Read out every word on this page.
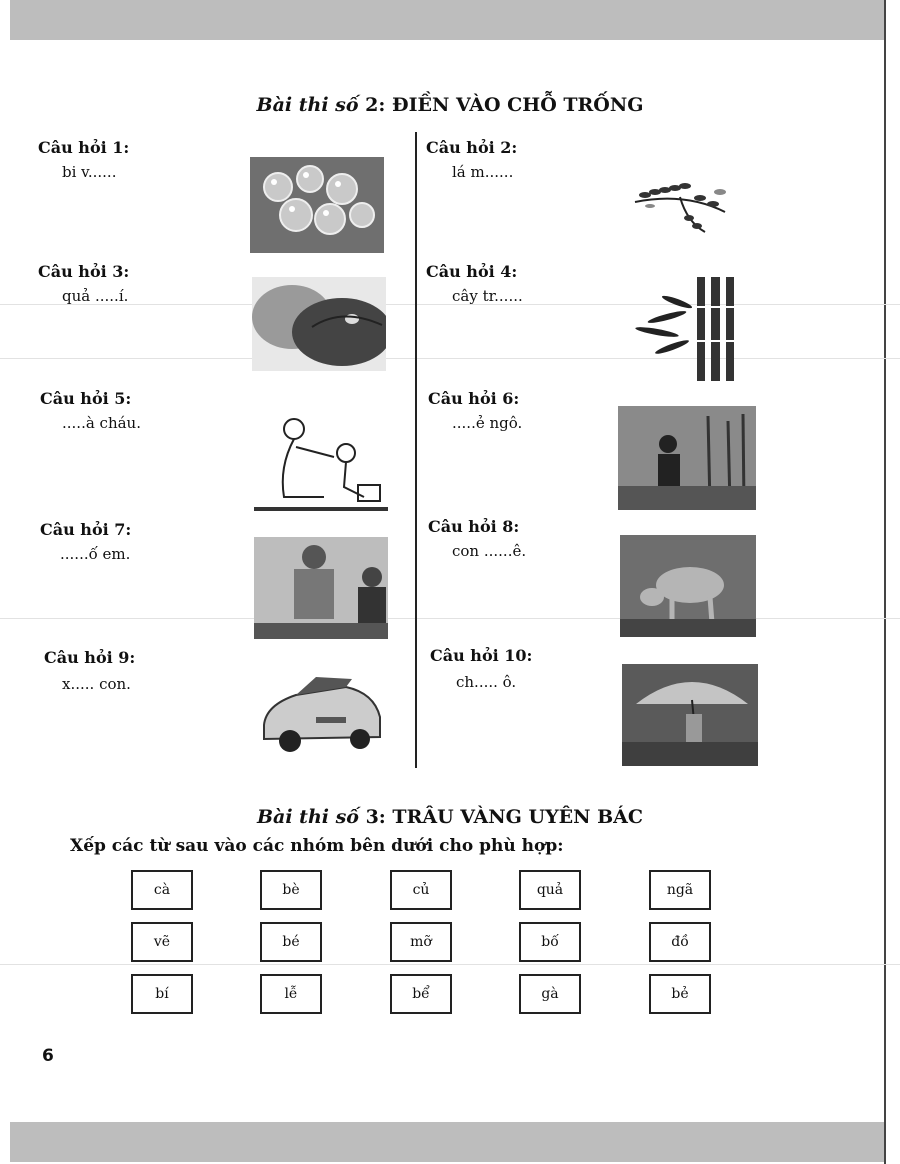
Bài thi số 2: ĐIỀN VÀO CHỖ TRỐNG
Câu hỏi 1:
bi v......
Câu hỏi 2:
lá m......
Câu hỏi 3:
quả .....í.
Câu hỏi 4:
cây tr......
Câu hỏi 5:
.....à cháu.
Câu hỏi 6:
.....ẻ ngô.
Câu hỏi 7:
......ố em.
Câu hỏi 8:
con ......ê.
Câu hỏi 9:
x..... con.
Câu hỏi 10:
ch..... ô.
Bài thi số 3: TRÂU VÀNG UYÊN BÁC
Xếp các từ sau vào các nhóm bên dưới cho phù hợp:
cà	bè	củ	quả	ngã
vẽ	bé	mỡ	bố	đồ
bí	lễ	bể	gà	bẻ
6
